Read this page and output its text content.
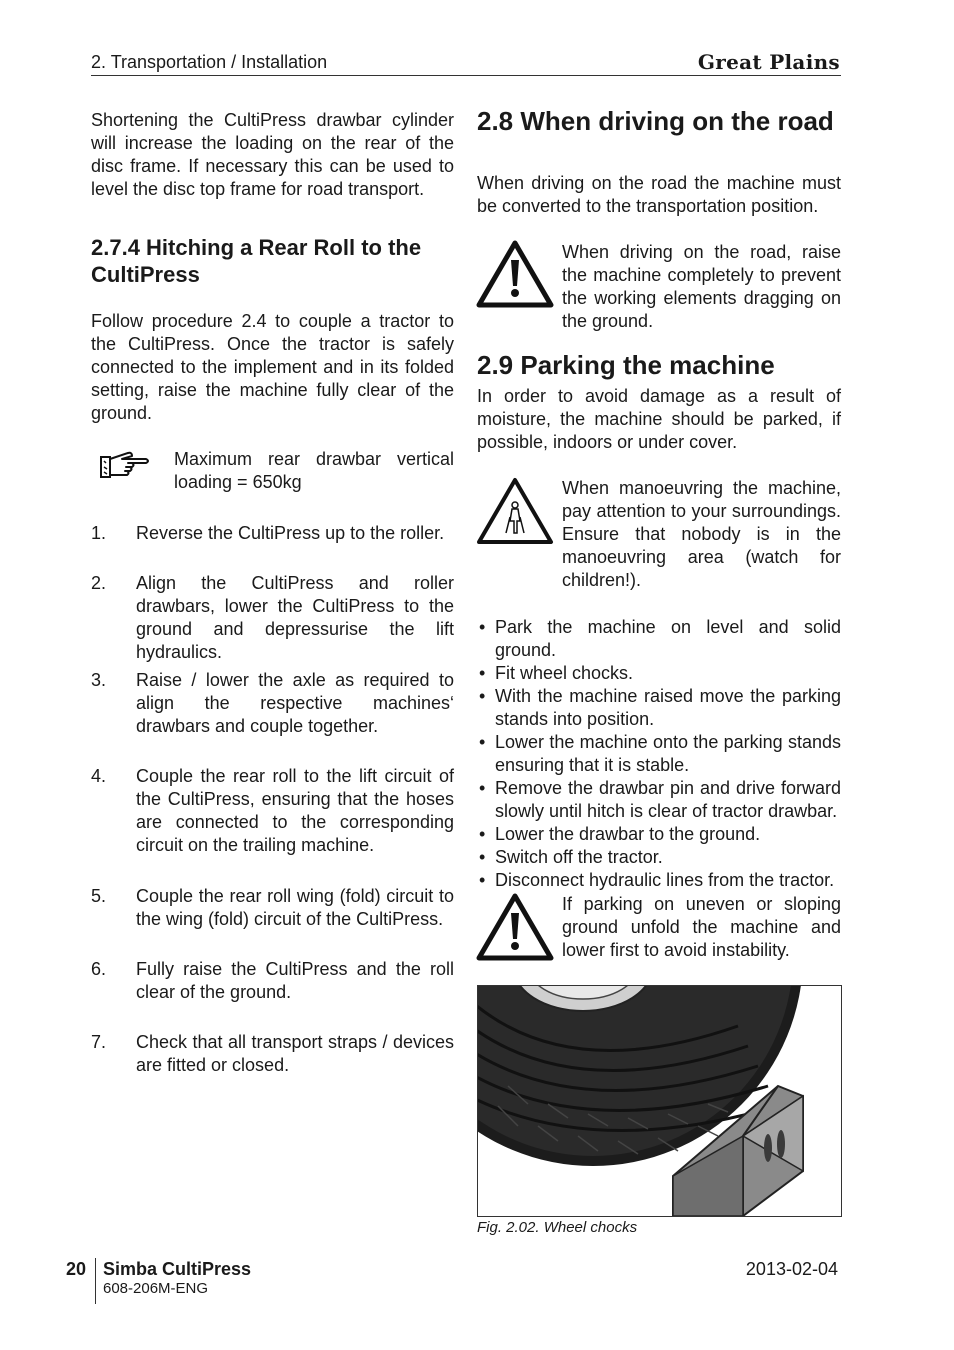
2. Transportation / Installation	Great Plains

Shortening the CultiPress drawbar cylinder will increase the loading on the rear of the disc frame. If necessary this can be used to level the disc top frame for road transport.

2.7.4 Hitching a Rear Roll to the CultiPress

Follow procedure 2.4 to couple a tractor to the CultiPress. Once the tractor is safely connected to the implement and in its folded setting, raise the machine fully clear of the ground.

Maximum rear drawbar vertical loading = 650kg
1.	Reverse the CultiPress up to the roller.
2.	Align the CultiPress and roller drawbars, lower the CultiPress to the ground and depressurise the lift hydraulics.
3.	Raise / lower the axle as required to align the respective machines‘ drawbars and couple together.
4.	Couple the rear roll to the lift circuit of the CultiPress, ensuring that the hoses are connected to the corresponding circuit on the trailing machine.
5.	Couple the rear roll wing (fold) circuit to the wing (fold) circuit of the CultiPress.
6.	Fully raise the CultiPress and the roll clear of the ground.
7.	Check that all transport straps / devices are fitted or closed.
2.8 When driving on the road

When driving on the road the machine must be converted to the transportation position.

When driving on the road, raise the machine completely to prevent the working elements dragging on the ground.
2.9 Parking the machine

In order to avoid damage as a result of moisture, the machine should be parked, if possible, indoors or under cover.

When manoeuvring the machine, pay attention to your surroundings. Ensure that nobody is in the manoeuvring area (watch for children!).
• Park the machine on level and solid ground.
• Fit wheel chocks.
• With the machine raised move the parking stands into position.
• Lower the machine onto the parking stands ensuring that it is stable.
• Remove the drawbar pin and drive forward slowly until hitch is clear of tractor drawbar.
• Lower the drawbar to the ground.
• Switch off the tractor.
• Disconnect hydraulic lines from the tractor.
If parking on uneven or sloping ground unfold the machine and lower first to avoid instability.
Fig. 2.02. Wheel chocks
20 Simba CultiPress
608-206M-ENG
2013-02-04
